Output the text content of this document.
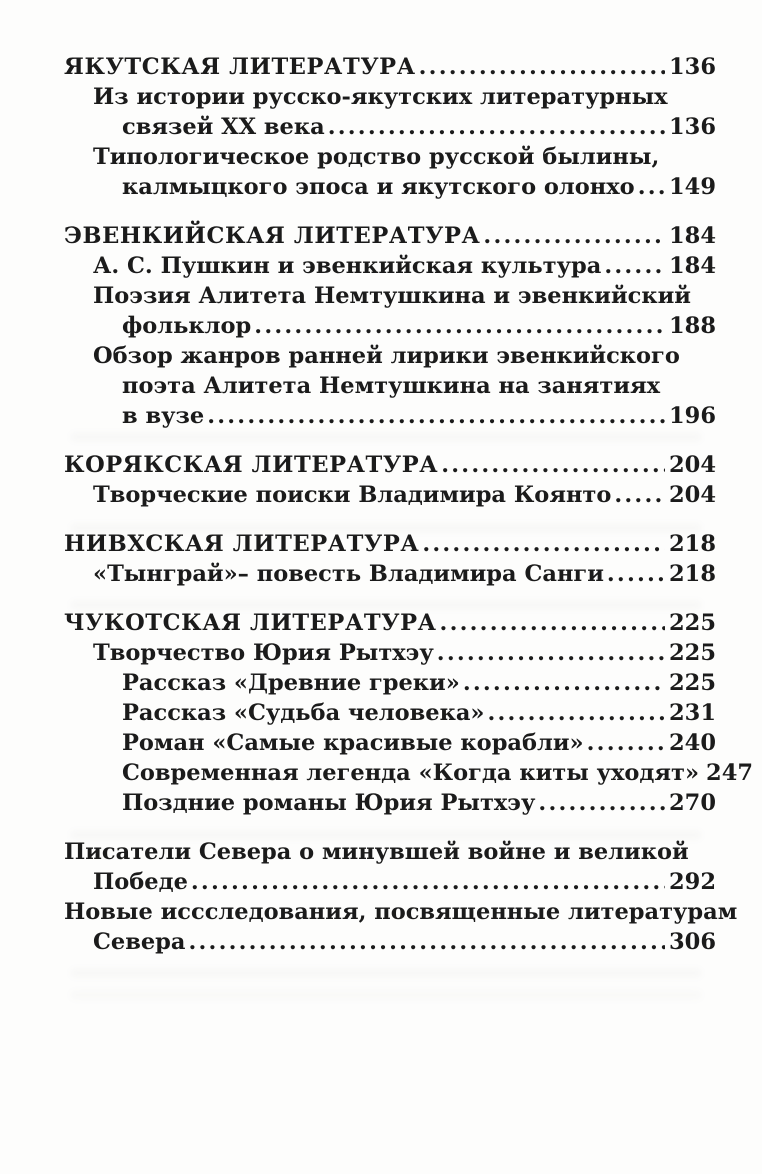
ЯКУТСКАЯ ЛИТЕРАТУРА .....	136
Из истории русско-якутских литературных
связей XX века .....	136
Типологическое родство русской былины,
калмыцкого эпоса и якутского олонхо ..... 149
ЭВЕНКИЙСКАЯ ЛИТЕРАТУРА .....	184
А. С. Пушкин и эвенкийская культура .....	184
Поэзия Алитета Немтушкина и эвенкийский
фольклор .....	188
Обзор жанров ранней лирики эвенкийского
поэта Алитета Немтушкина на занятиях
в вузе .....	196
КОРЯКСКАЯ ЛИТЕРАТУРА .....	204
Творческие поиски Владимира Коянто .....	204
НИВХСКАЯ ЛИТЕРАТУРА .....	218
«Тынграй»– повесть Владимира Санги .....	218
ЧУКОТСКАЯ ЛИТЕРАТУРА .....	225
Творчество Юрия Рытхэу .....	225
Рассказ «Древние греки» .....	225
Рассказ «Судьба человека» .....	231
Роман «Самые красивые корабли» .....	240
Современная легенда «Когда киты уходят» ..... 247
Поздние романы Юрия Рытхэу .....	270
Писатели Севера о минувшей войне и великой
Победе .....	292
Новые иссследования, посвященные литературам
Севера .....	306
